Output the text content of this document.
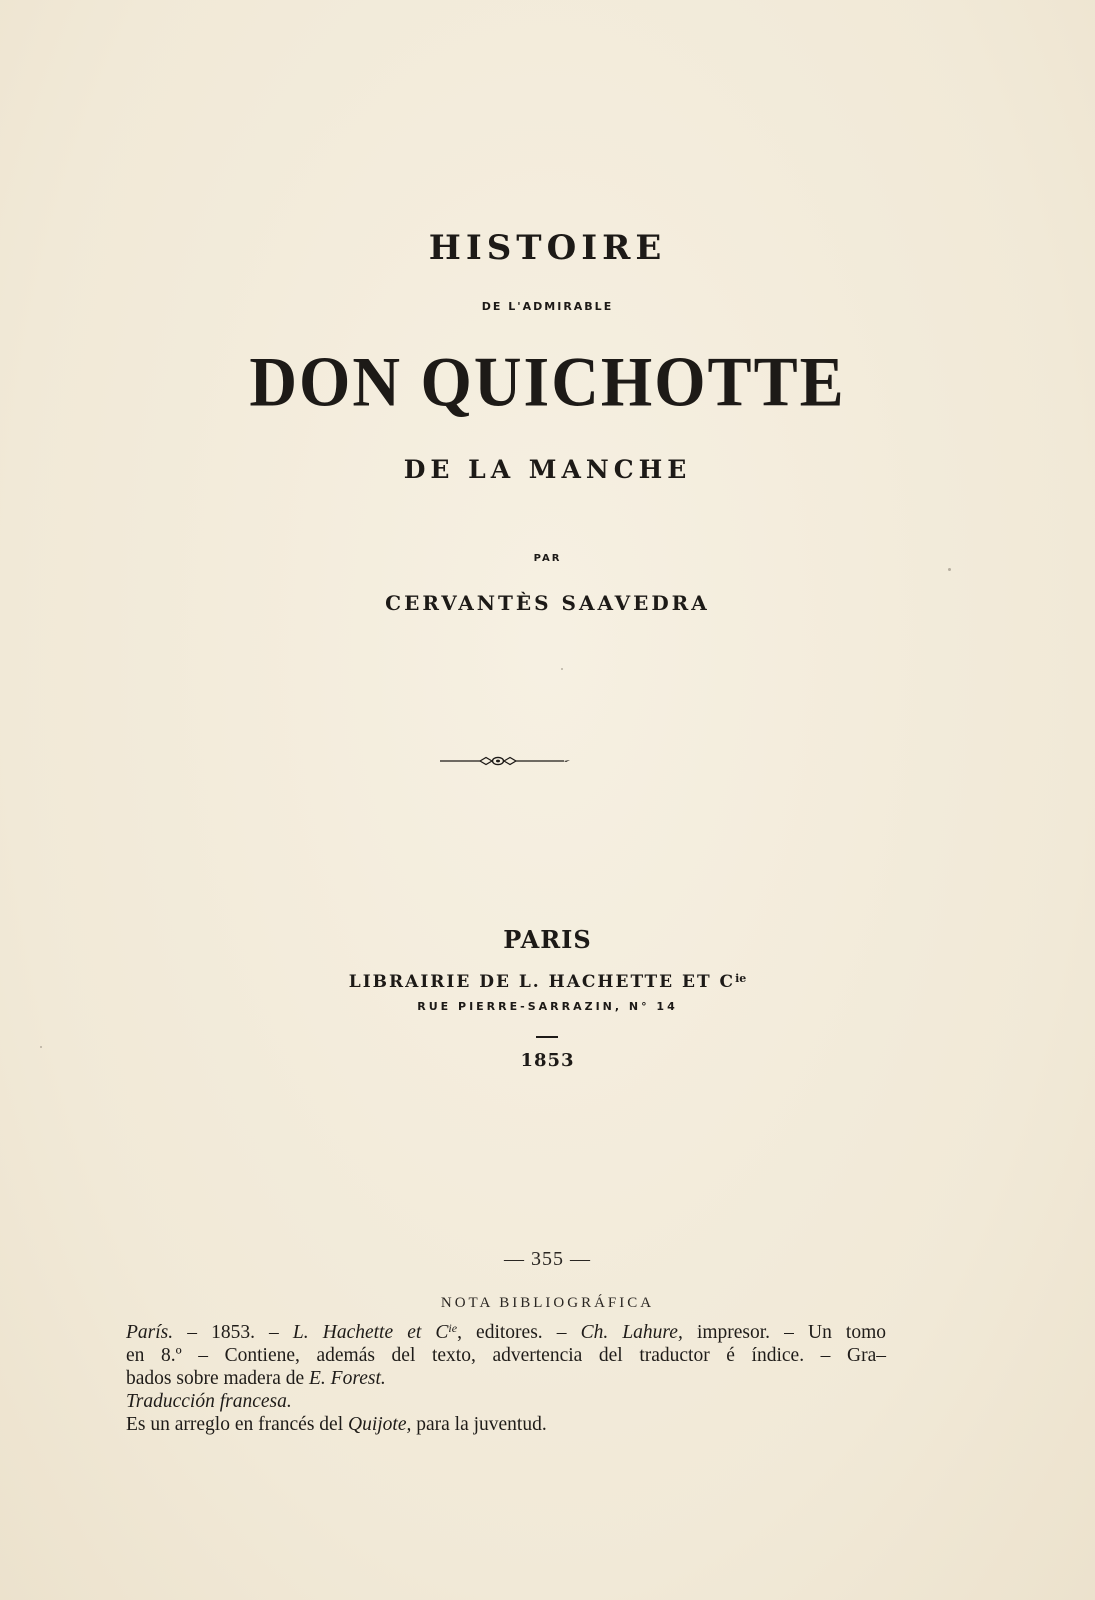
HISTOIRE
DE L'ADMIRABLE
DON QUICHOTTE
DE LA MANCHE
PAR
CERVANTÈS SAAVEDRA
PARIS
LIBRAIRIE DE L. HACHETTE ET $C^{ie}$
RUE PIERRE-SARRAZIN, N° 14
1853
— 355 —
NOTA BIBLIOGRÁFICA
París. – 1853. – L. Hachette et $C^{ie}$, editores. – Ch. Lahure, impresor. – Un tomo
en 8.º – Contiene, además del texto, advertencia del traductor é índice. – Gra–
bados sobre madera de E. Forest.
Traducción francesa.
Es un arreglo en francés del Quijote, para la juventud.
